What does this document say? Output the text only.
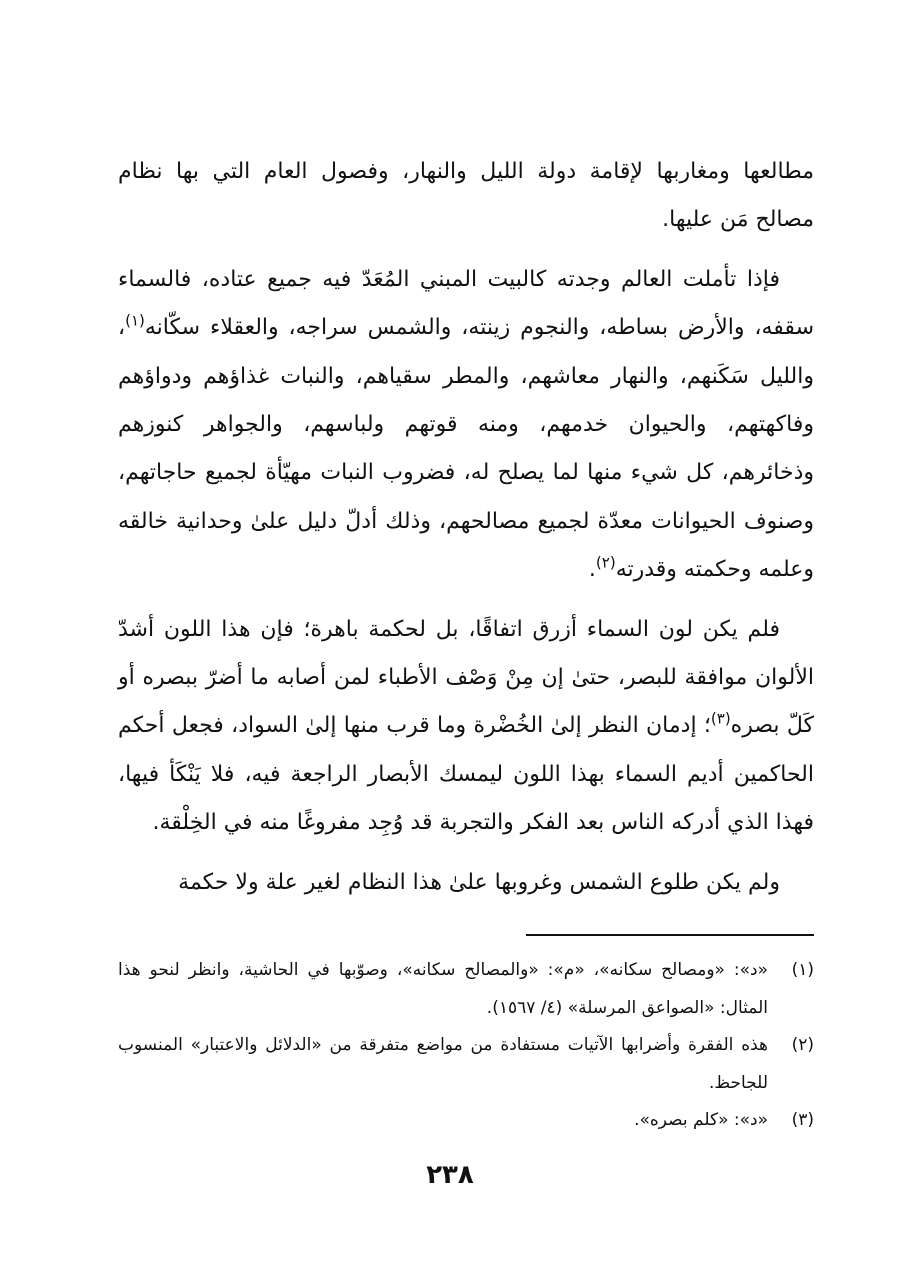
مطالعها ومغاربها لإقامة دولة الليل والنهار، وفصول العام التي بها نظام مصالح مَن عليها.

فإذا تأملت العالم وجدته كالبيت المبني المُعَدّ فيه جميع عتاده، فالسماء سقفه، والأرض بساطه، والنجوم زينته، والشمس سراجه، والعقلاء سكّانه$^{(١)}$، والليل سَكَنهم، والنهار معاشهم، والمطر سقياهم، والنبات غذاؤهم ودواؤهم وفاكهتهم، والحيوان خدمهم، ومنه قوتهم ولباسهم، والجواهر كنوزهم وذخائرهم، كل شيء منها لما يصلح له، فضروب النبات مهيّأة لجميع حاجاتهم، وصنوف الحيوانات معدّة لجميع مصالحهم، وذلك أدلّ دليل علىٰ وحدانية خالقه وعلمه وحكمته وقدرته$^{(٢)}$.

فلم يكن لون السماء أزرق اتفاقًا، بل لحكمة باهرة؛ فإن هذا اللون أشدّ الألوان موافقة للبصر، حتىٰ إن مِنْ وَصْف الأطباء لمن أصابه ما أضرّ ببصره أو كَلّ بصره$^{(٣)}$؛ إدمان النظر إلىٰ الخُضْرة وما قرب منها إلىٰ السواد، فجعل أحكم الحاكمين أديم السماء بهذا اللون ليمسك الأبصار الراجعة فيه، فلا يَنْكَأ فيها، فهذا الذي أدركه الناس بعد الفكر والتجربة قد وُجِد مفروغًا منه في الخِلْقة.

ولم يكن طلوع الشمس وغروبها علىٰ هذا النظام لغير علة ولا حكمة

(١)
«د»: «ومصالح سكانه»، «م»: «والمصالح سكانه»، وصوّبها في الحاشية، وانظر لنحو هذا المثال: «الصواعق المرسلة» (٤/ ١٥٦٧).
(٢)
هذه الفقرة وأضرابها الآتيات مستفادة من مواضع متفرقة من «الدلائل والاعتبار» المنسوب للجاحظ.
(٣)
«د»: «كلم بصره».
٢٣٨
